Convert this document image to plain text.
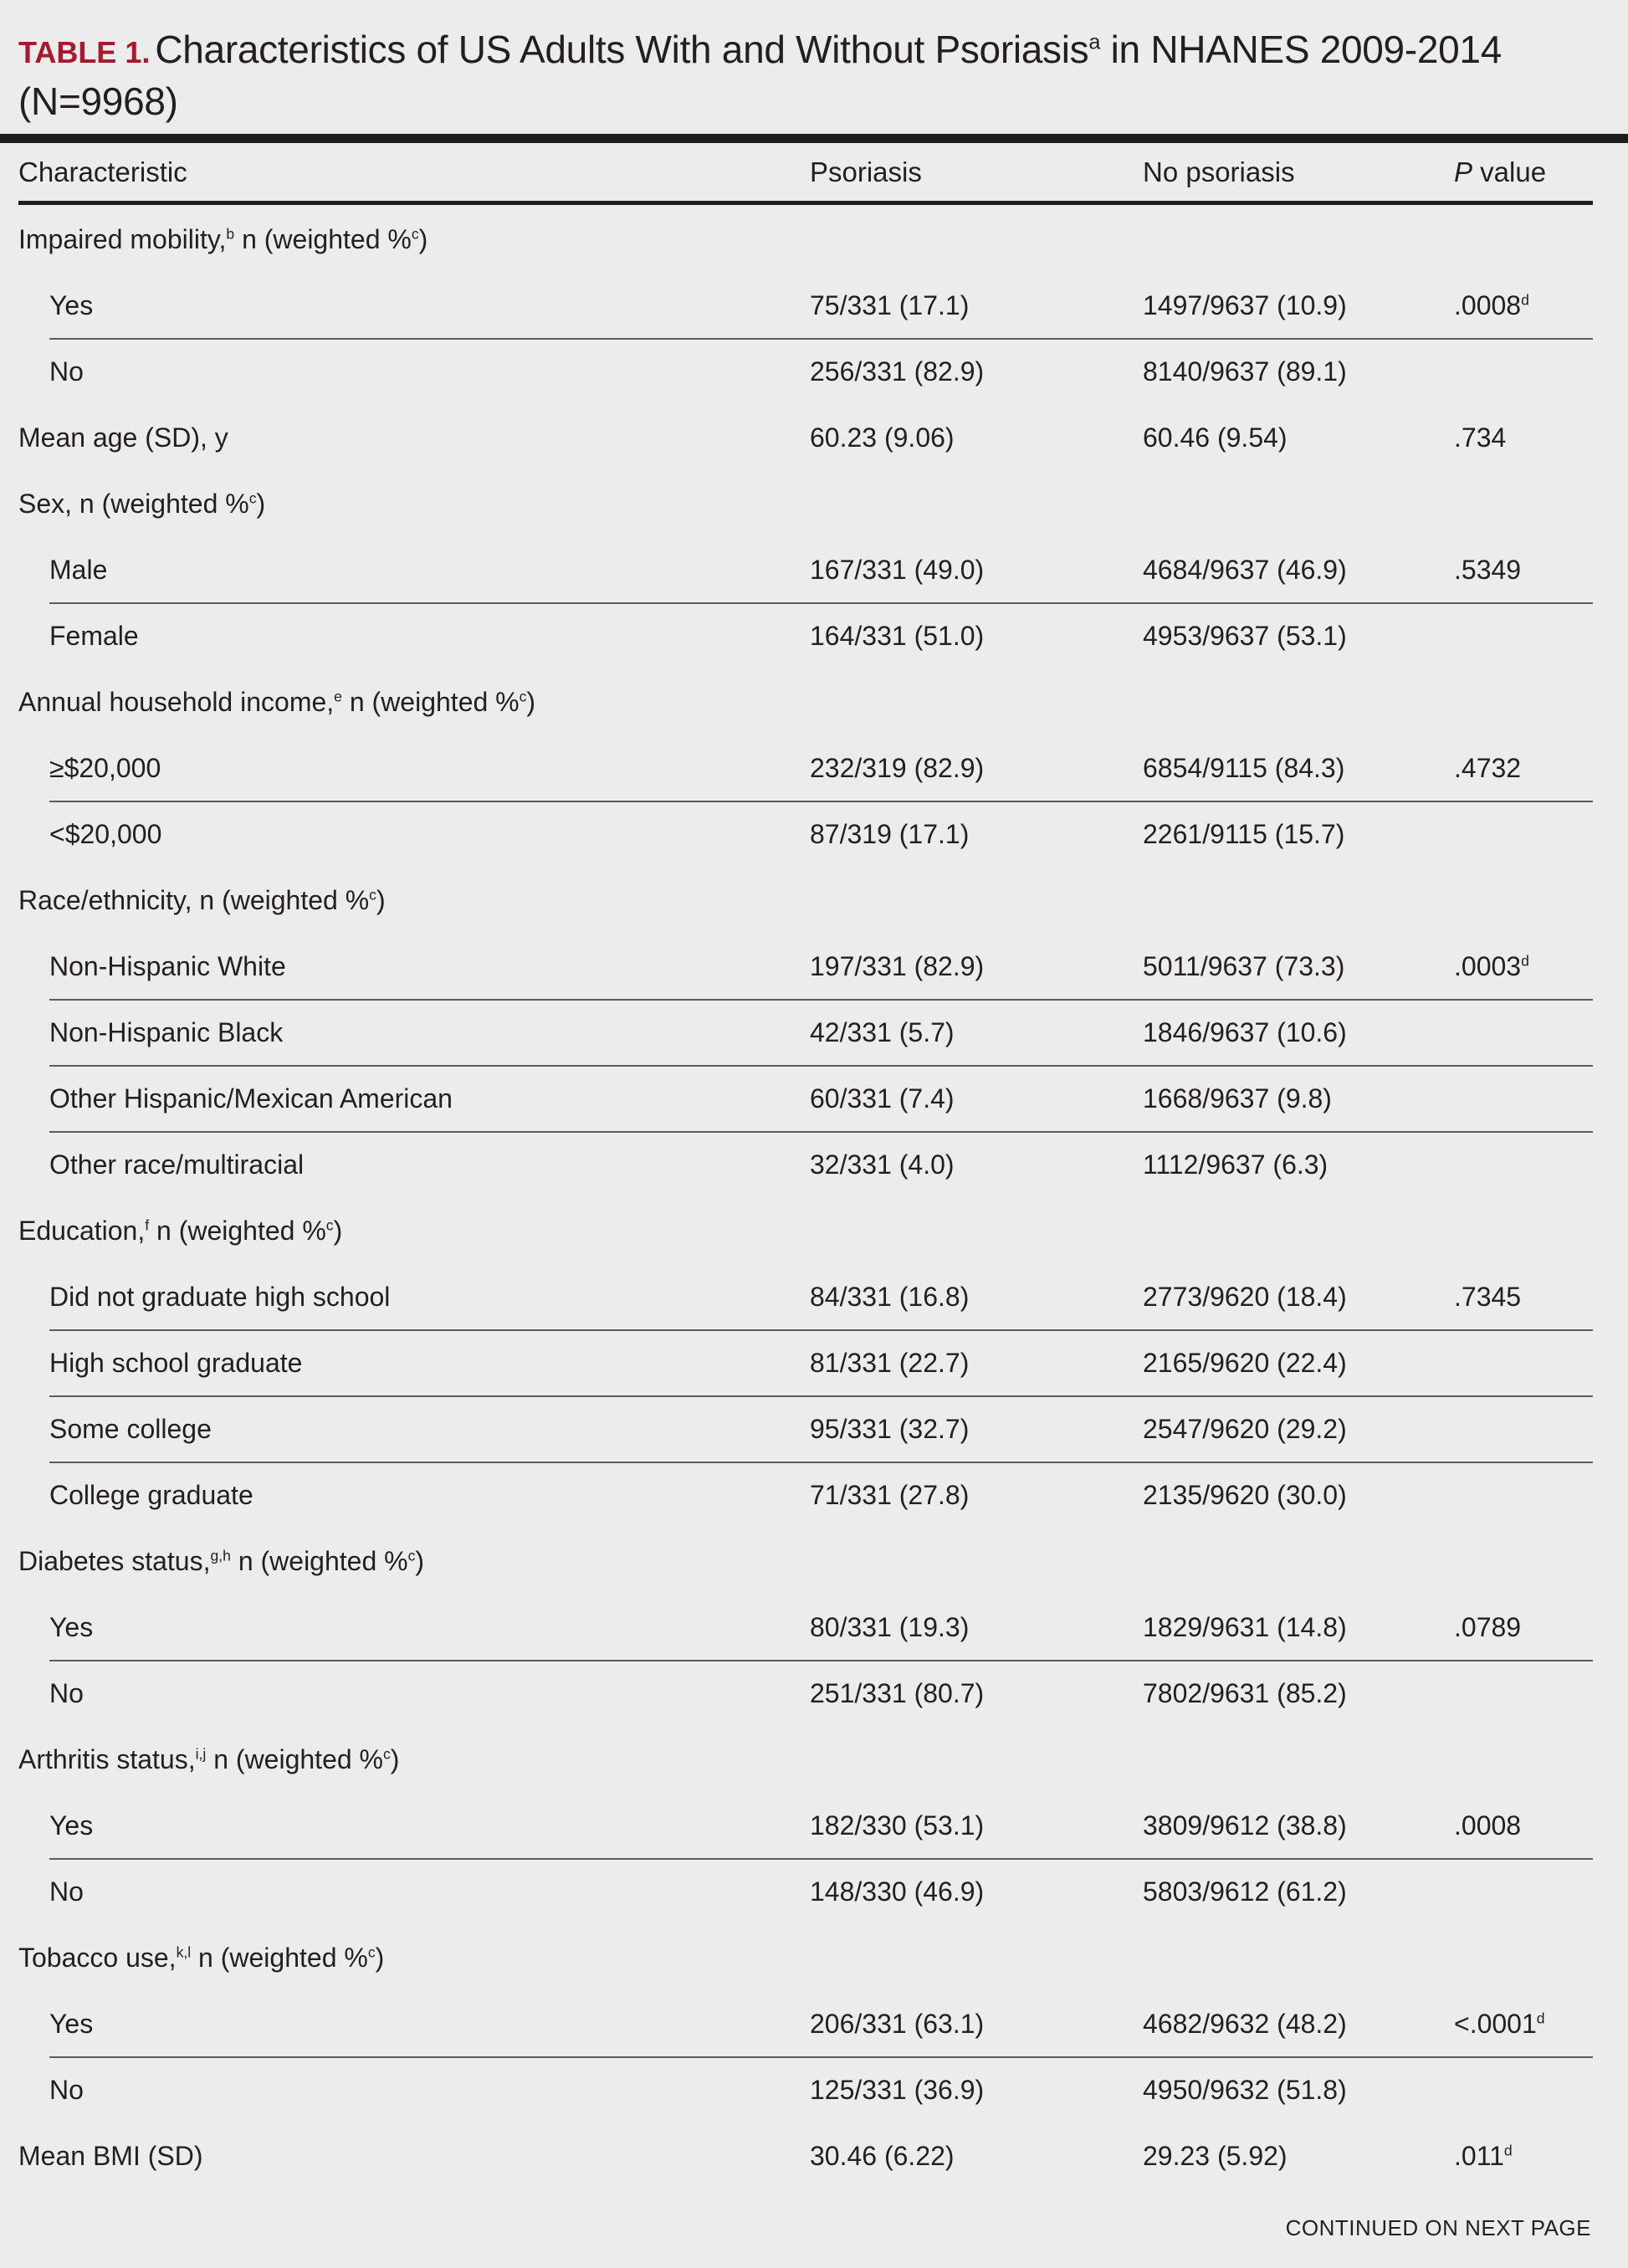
TABLE 1. Characteristics of US Adults With and Without Psoriasis$^a$ in NHANES 2009-2014 (N=9968)
Characteristic	Psoriasis	No psoriasis	P value
Impaired mobility,$^b$ n (weighted %$^c$)
Yes	75/331 (17.1)	1497/9637 (10.9)	.0008$^d$
No	256/331 (82.9)	8140/9637 (89.1)
Mean age (SD), y	60.23 (9.06)	60.46 (9.54)	.734
Sex, n (weighted %$^c$)
Male	167/331 (49.0)	4684/9637 (46.9)	.5349
Female	164/331 (51.0)	4953/9637 (53.1)
Annual household income,$^e$ n (weighted %$^c$)
≥$20,000	232/319 (82.9)	6854/9115 (84.3)	.4732
<$20,000	87/319 (17.1)	2261/9115 (15.7)
Race/ethnicity, n (weighted %$^c$)
Non-Hispanic White	197/331 (82.9)	5011/9637 (73.3)	.0003$^d$
Non-Hispanic Black	42/331 (5.7)	1846/9637 (10.6)
Other Hispanic/Mexican American	60/331 (7.4)	1668/9637 (9.8)
Other race/multiracial	32/331 (4.0)	1112/9637 (6.3)
Education,$^f$ n (weighted %$^c$)
Did not graduate high school	84/331 (16.8)	2773/9620 (18.4)	.7345
High school graduate	81/331 (22.7)	2165/9620 (22.4)
Some college	95/331 (32.7)	2547/9620 (29.2)
College graduate	71/331 (27.8)	2135/9620 (30.0)
Diabetes status,$^{g,h}$ n (weighted %$^c$)
Yes	80/331 (19.3)	1829/9631 (14.8)	.0789
No	251/331 (80.7)	7802/9631 (85.2)
Arthritis status,$^{i,j}$ n (weighted %$^c$)
Yes	182/330 (53.1)	3809/9612 (38.8)	.0008
No	148/330 (46.9)	5803/9612 (61.2)
Tobacco use,$^{k,l}$ n (weighted %$^c$)
Yes	206/331 (63.1)	4682/9632 (48.2)	<.0001$^d$
No	125/331 (36.9)	4950/9632 (51.8)
Mean BMI (SD)	30.46 (6.22)	29.23 (5.92)	.011$^d$
CONTINUED ON NEXT PAGE
